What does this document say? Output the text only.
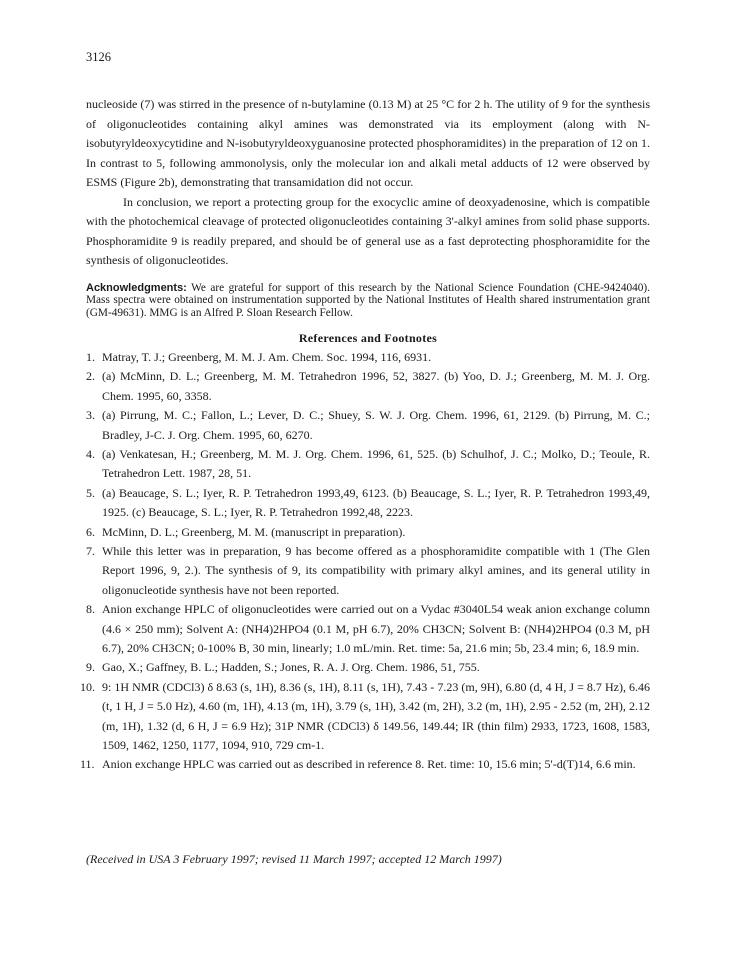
3126

nucleoside (7) was stirred in the presence of n-butylamine (0.13 M) at 25 °C for 2 h. The utility of 9 for the synthesis of oligonucleotides containing alkyl amines was demonstrated via its employment (along with N-isobutyryldeoxycytidine and N-isobutyryldeoxyguanosine protected phosphoramidites) in the preparation of 12 on 1. In contrast to 5, following ammonolysis, only the molecular ion and alkali metal adducts of 12 were observed by ESMS (Figure 2b), demonstrating that transamidation did not occur.

In conclusion, we report a protecting group for the exocyclic amine of deoxyadenosine, which is compatible with the photochemical cleavage of protected oligonucleotides containing 3'-alkyl amines from solid phase supports. Phosphoramidite 9 is readily prepared, and should be of general use as a fast deprotecting phosphoramidite for the synthesis of oligonucleotides.

Acknowledgments: We are grateful for support of this research by the National Science Foundation (CHE-9424040). Mass spectra were obtained on instrumentation supported by the National Institutes of Health shared instrumentation grant (GM-49631). MMG is an Alfred P. Sloan Research Fellow.

References and Footnotes
1. Matray, T. J.; Greenberg, M. M. J. Am. Chem. Soc. 1994, 116, 6931.
2. (a) McMinn, D. L.; Greenberg, M. M. Tetrahedron 1996, 52, 3827. (b) Yoo, D. J.; Greenberg, M. M. J. Org. Chem. 1995, 60, 3358.
3. (a) Pirrung, M. C.; Fallon, L.; Lever, D. C.; Shuey, S. W. J. Org. Chem. 1996, 61, 2129. (b) Pirrung, M. C.; Bradley, J-C. J. Org. Chem. 1995, 60, 6270.
4. (a) Venkatesan, H.; Greenberg, M. M. J. Org. Chem. 1996, 61, 525. (b) Schulhof, J. C.; Molko, D.; Teoule, R. Tetrahedron Lett. 1987, 28, 51.
5. (a) Beaucage, S. L.; Iyer, R. P. Tetrahedron 1993,49, 6123. (b) Beaucage, S. L.; Iyer, R. P. Tetrahedron 1993,49, 1925. (c) Beaucage, S. L.; Iyer, R. P. Tetrahedron 1992,48, 2223.
6. McMinn, D. L.; Greenberg, M. M. (manuscript in preparation).
7. While this letter was in preparation, 9 has become offered as a phosphoramidite compatible with 1 (The Glen Report 1996, 9, 2.). The synthesis of 9, its compatibility with primary alkyl amines, and its general utility in oligonucleotide synthesis have not been reported.
8. Anion exchange HPLC of oligonucleotides were carried out on a Vydac #3040L54 weak anion exchange column (4.6 × 250 mm); Solvent A: (NH4)2HPO4 (0.1 M, pH 6.7), 20% CH3CN; Solvent B: (NH4)2HPO4 (0.3 M, pH 6.7), 20% CH3CN; 0-100% B, 30 min, linearly; 1.0 mL/min. Ret. time: 5a, 21.6 min; 5b, 23.4 min; 6, 18.9 min.
9. Gao, X.; Gaffney, B. L.; Hadden, S.; Jones, R. A. J. Org. Chem. 1986, 51, 755.
10. 9: 1H NMR (CDCl3) δ 8.63 (s, 1H), 8.36 (s, 1H), 8.11 (s, 1H), 7.43 - 7.23 (m, 9H), 6.80 (d, 4 H, J = 8.7 Hz), 6.46 (t, 1 H, J = 5.0 Hz), 4.60 (m, 1H), 4.13 (m, 1H), 3.79 (s, 1H), 3.42 (m, 2H), 3.2 (m, 1H), 2.95 - 2.52 (m, 2H), 2.12 (m, 1H), 1.32 (d, 6 H, J = 6.9 Hz); 31P NMR (CDCl3) δ 149.56, 149.44; IR (thin film) 2933, 1723, 1608, 1583, 1509, 1462, 1250, 1177, 1094, 910, 729 cm-1.
11. Anion exchange HPLC was carried out as described in reference 8. Ret. time: 10, 15.6 min; 5'-d(T)14, 6.6 min.
(Received in USA 3 February 1997; revised 11 March 1997; accepted 12 March 1997)
